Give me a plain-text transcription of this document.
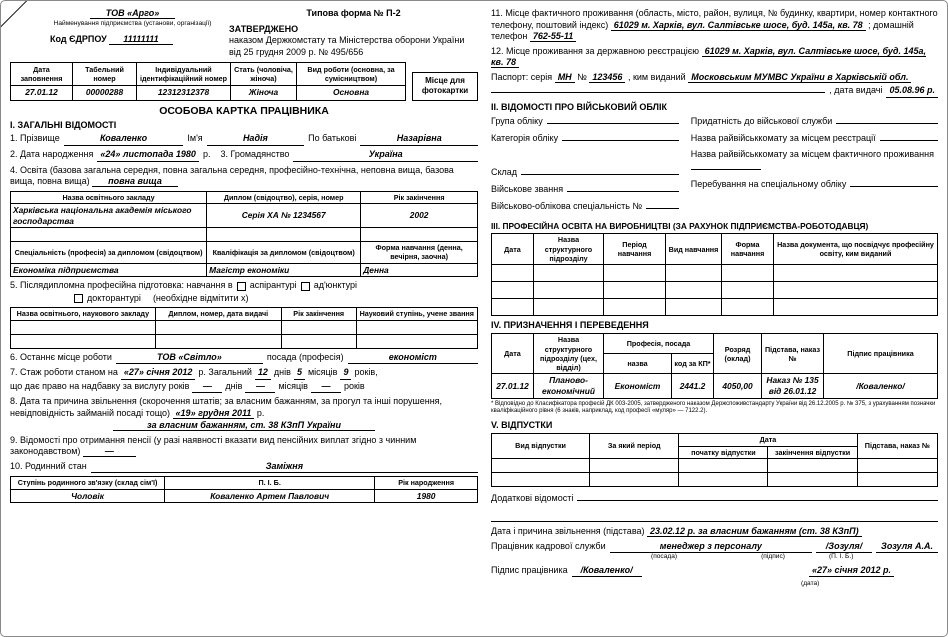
ТОВ «Арго»
Найменування підприємства (установи, організації)
Код ЄДРПОУ 11111111
Типова форма № П-2
ЗАТВЕРДЖЕНО
наказом Держкомстату та Міністерства оборони України
від 25 грудня 2009 р. № 495/656
Дата заповнення	Табельний номер	Індивідуальний ідентифікаційний номер	Стать (чоловіча, жіноча)	Вид роботи (основна, за сумісництвом)
27.01.12	00000288	12312312378	Жіноча	Основна
Місце для фотокартки
ОСОБОВА КАРТКА ПРАЦІВНИКА
I. ЗАГАЛЬНІ ВІДОМОСТІ
1. Прізвище	Коваленко	Ім'я	Надія	По батькові	Назарівна
2. Дата народження «24» листопада 1980 р. 3. Громадянство	Україна
4. Освіта (базова загальна середня, повна загальна середня, професійно-технічна, неповна вища, базова вища, повна вища) повна вища
Назва освітнього закладу	Диплом (свідоцтво), серія, номер	Рік закінчення
Харківська національна академія міського господарства	Серія ХА № 1234567	2002

Спеціальність (професія) за дипломом (свідоцтвом)	Кваліфікація за дипломом (свідоцтвом)	Форма навчання (денна, вечірня, заочна)
Економіка підприємства	Магістр економіки	Денна
5. Післядипломна професійна підготовка: навчання в аспірантурі ад'юнктурі
докторантурі (необхідне відмітити х)
Назва освітнього, наукового закладу	Диплом, номер, дата видачі	Рік закінчення	Науковий ступінь, учене звання

6. Останнє місце роботи	ТОВ «Світло»	посада (професія)	економіст
7. Стаж роботи станом на «27» січня 2012 р. Загальний 12 днів 5 місяців 9 років,
що дає право на надбавку за вислугу років	—	днів	—	місяців	—	років
8. Дата та причина звільнення (скорочення штатів; за власним бажанням, за прогул та інші порушення, невідповідність займаній посаді тощо) «19» грудня 2011 р.
за власним бажанням, ст. 38 КЗпП України
9. Відомості про отримання пенсії (у разі наявності вказати вид пенсійних виплат згідно з чинним законодавством)	—
10. Родинний стан	Заміжня
Ступінь родинного зв'язку (склад сім'ї)	П. І. Б.	Рік народження
Чоловік	Коваленко Артем Павлович	1980
11. Місце фактичного проживання (область, місто, район, вулиця, № будинку, квартири, номер контактного телефону, поштовий індекс) 61029 м. Харків, вул. Салтівське шосе, буд. 145а, кв. 78 ; домашній телефон 762-55-11
12. Місце проживання за державною реєстрацією 61029 м. Харків, вул. Салтівське шосе, буд. 145а, кв. 78
Паспорт: серія МН № 123456 , ким виданий Московським МУМВС України в Харківській обл.
, дата видачі 05.08.96 р.
II. ВІДОМОСТІ ПРО ВІЙСЬКОВИЙ ОБЛІК
Група обліку
Категорія обліку
Склад
Військове звання
Військово-облікова спеціальність №
Придатність до військової служби
Назва райвійськкомату за місцем реєстрації
Назва райвійськкомату за місцем фактичного проживання
Перебування на спеціальному обліку
III. ПРОФЕСІЙНА ОСВІТА НА ВИРОБНИЦТВІ (ЗА РАХУНОК ПІДПРИЄМСТВА-РОБОТОДАВЦЯ)
Дата	Назва структурного підрозділу	Період навчання	Вид навчання	Форма навчання	Назва документа, що посвідчує професійну освіту, ким виданий

IV. ПРИЗНАЧЕННЯ І ПЕРЕВЕДЕННЯ
Дата	Назва структурного підрозділу (цех, відділ)	Професія, посада		Розряд (оклад)	Підстава, наказ №	Підпис працівника
		назва	код за КП*			
27.01.12	Планово-економічний	Економіст	2441.2	4050,00	Наказ № 135 від 26.01.12	/Коваленко/
* Відповідно до Класифікатора професій ДК 003-2005, затвердженого наказом Держспоживстандарту України від 26.12.2005 р. № 375, з урахуванням позначки кваліфікаційного рівня (6 знаків, наприклад, код професії «муляр» — 7122.2).
V. ВІДПУСТКИ
Вид відпустки	За який період	Дата		Підстава, наказ №
		початку відпустки	закінчення відпустки	

Додаткові відомості
Дата і причина звільнення (підстава) 23.02.12 р. за власним бажанням (ст. 38 КЗпП)
Працівник кадрової служби	менеджер з персоналу	/Зозуля/	Зозуля А.А.
(посада)	(підпис)	(П. І. Б.)
Підпис працівника	/Коваленко/	«27» січня 2012 р.
(дата)
